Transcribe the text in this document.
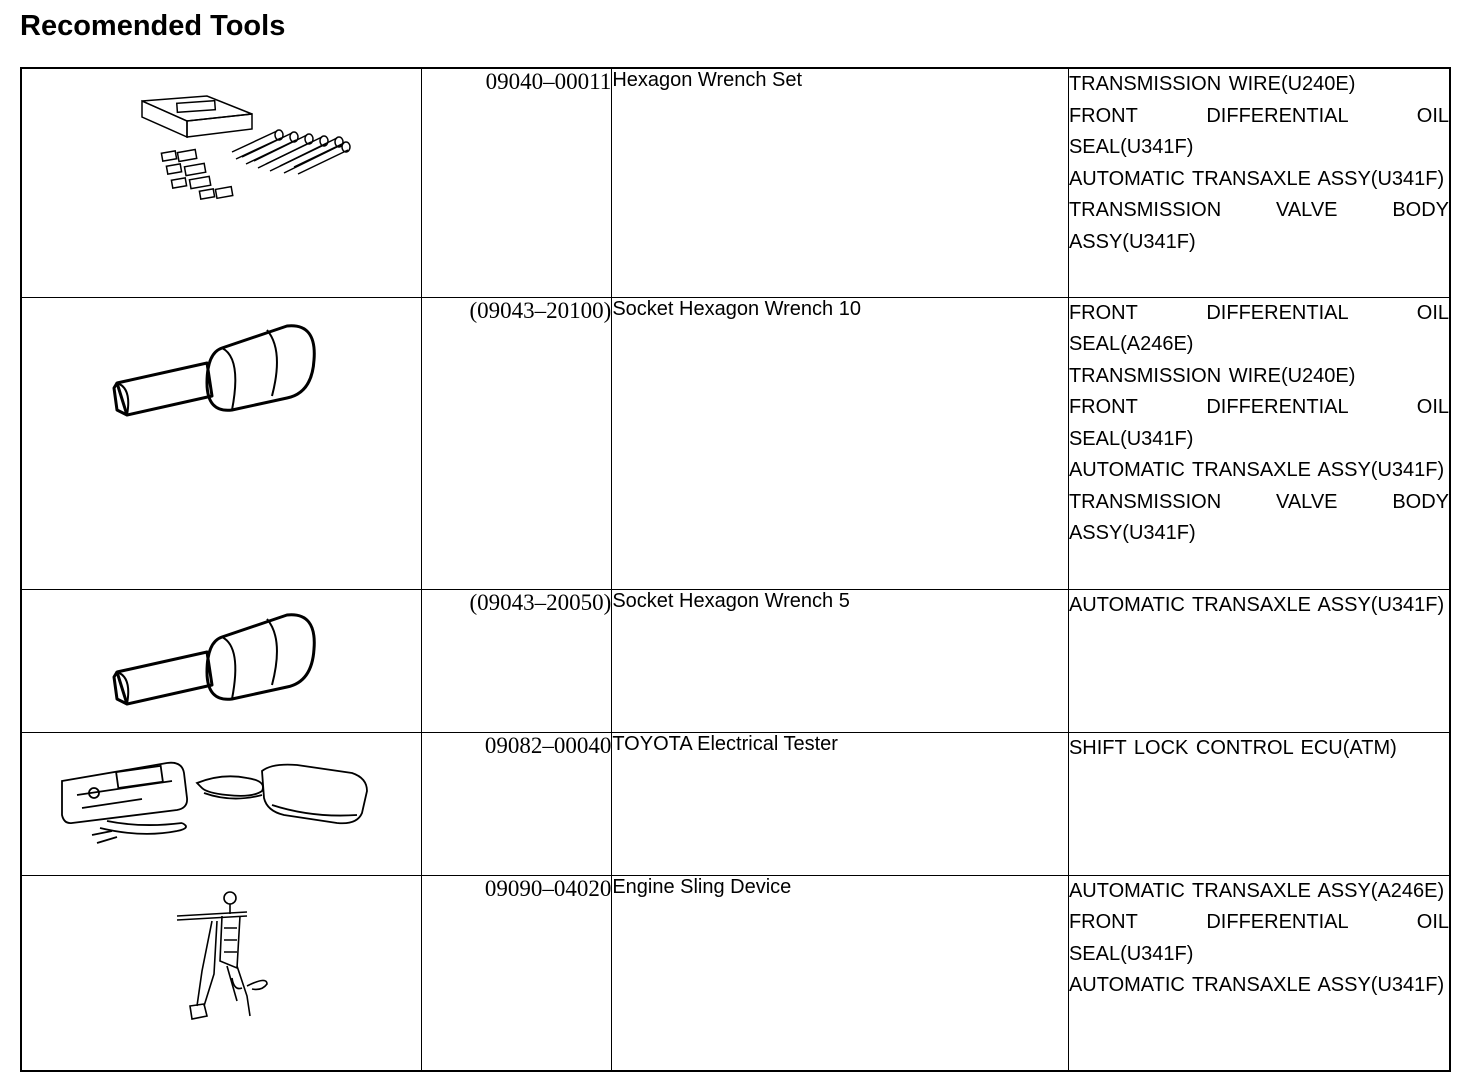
Recomended Tools
	09040–00011	Hexagon Wrench Set	TRANSMISSION WIRE(U240E)
FRONT DIFFERENTIAL OIL SEAL(U341F)
AUTOMATIC TRANSAXLE ASSY(U341F)
TRANSMISSION VALVE BODY ASSY(U341F)

	(09043–20100)	Socket Hexagon Wrench 10	FRONT DIFFERENTIAL OIL SEAL(A246E)
TRANSMISSION WIRE(U240E)
FRONT DIFFERENTIAL OIL SEAL(U341F)
AUTOMATIC TRANSAXLE ASSY(U341F)
TRANSMISSION VALVE BODY ASSY(U341F)

	(09043–20050)	Socket Hexagon Wrench 5	AUTOMATIC TRANSAXLE ASSY(U341F)

	09082–00040	TOYOTA Electrical Tester	SHIFT LOCK CONTROL ECU(ATM)

	09090–04020	Engine Sling Device	AUTOMATIC TRANSAXLE ASSY(A246E)
FRONT DIFFERENTIAL OIL SEAL(U341F)
AUTOMATIC TRANSAXLE ASSY(U341F)
